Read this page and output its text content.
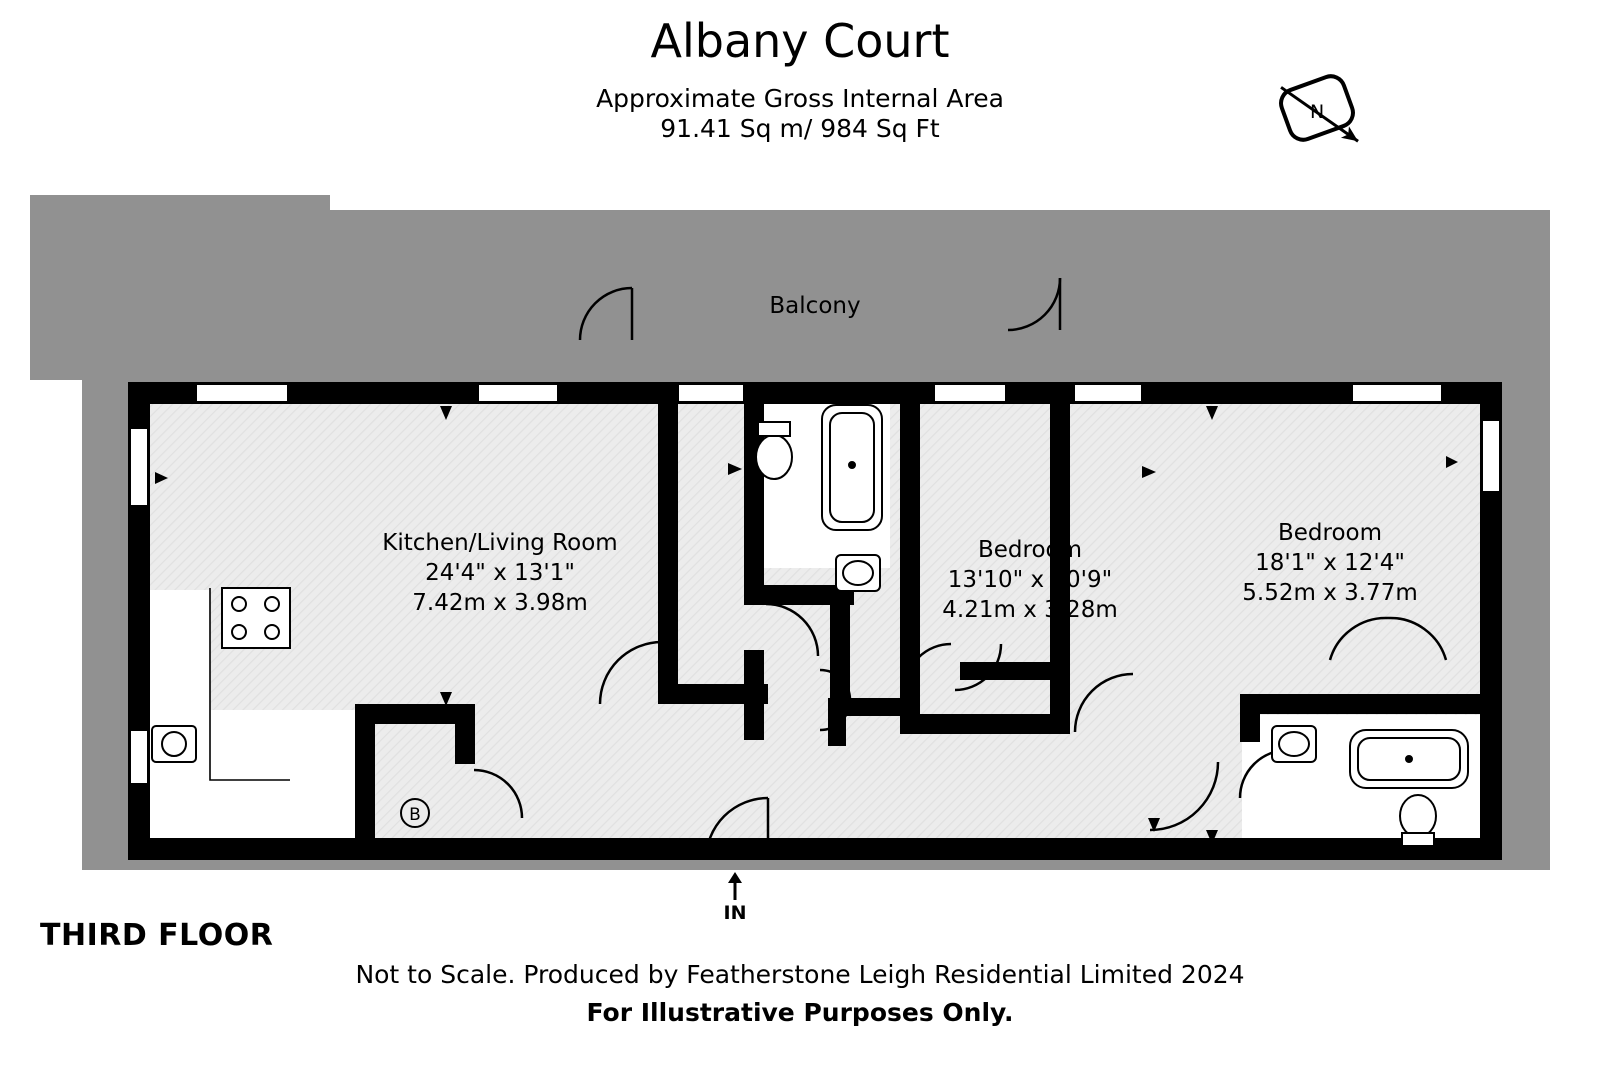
Albany Court
Approximate Gross Internal Area
91.41 Sq m/ 984 Sq Ft
N
Balcony
Kitchen/Living Room
24'4" x 13'1"
7.42m x 3.98m
Bedroom
13'10" x 10'9"
4.21m x 3.28m
Bedroom
18'1" x 12'4"
5.52m x 3.77m
B
IN
THIRD FLOOR
Not to Scale. Produced by Featherstone Leigh Residential Limited 2024
For Illustrative Purposes Only.
